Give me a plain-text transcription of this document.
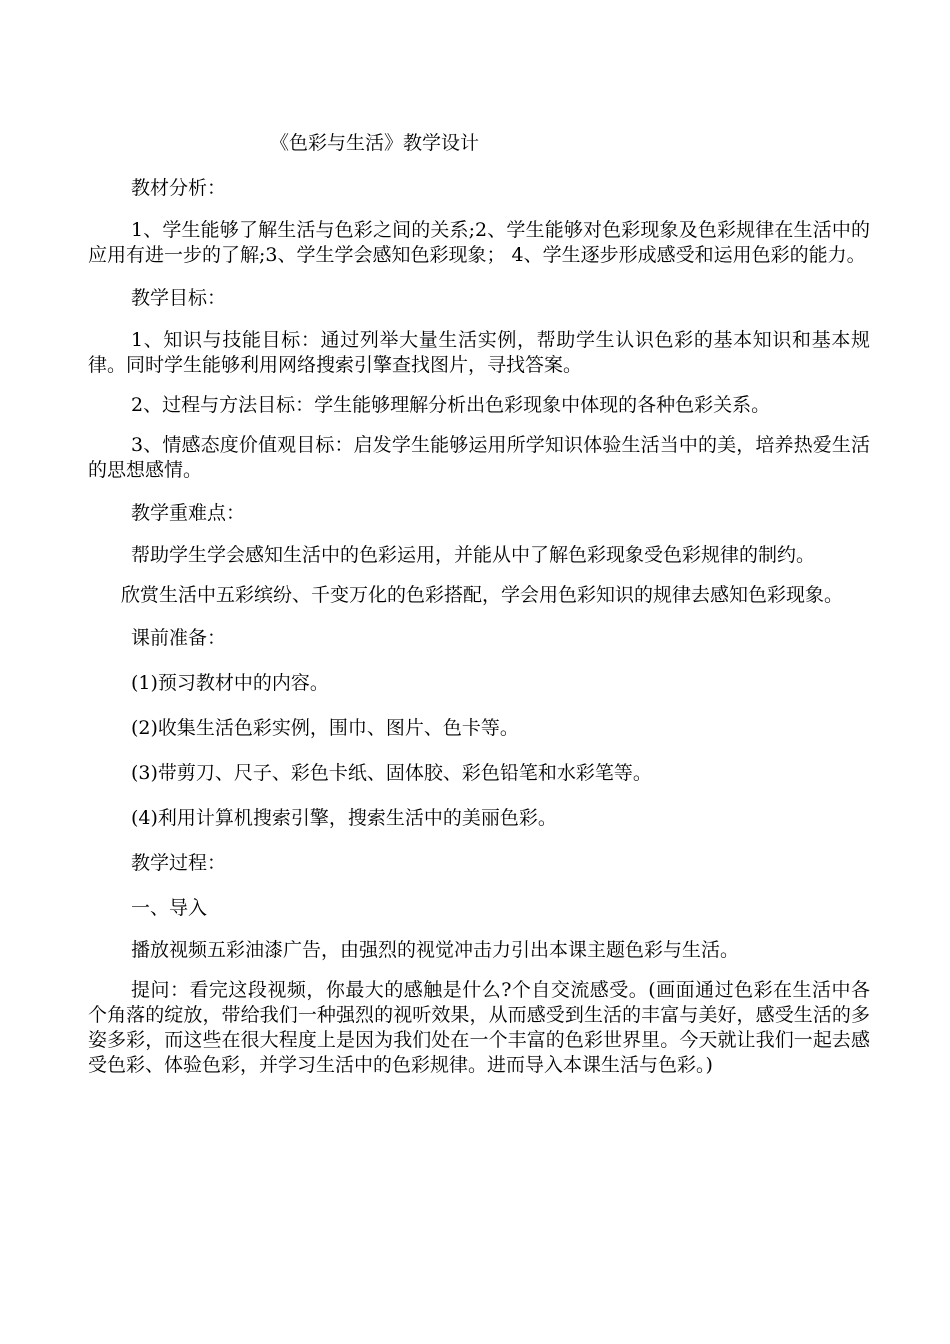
《色彩与生活》教学设计
教材分析：
1、学生能够了解生活与色彩之间的关系;2、学生能够对色彩现象及色彩规律在生活中的应用有进一步的了解;3、学生学会感知色彩现象； 4、学生逐步形成感受和运用色彩的能力。
教学目标：
1、知识与技能目标：通过列举大量生活实例，帮助学生认识色彩的基本知识和基本规律。同时学生能够利用网络搜索引擎查找图片，寻找答案。
2、过程与方法目标：学生能够理解分析出色彩现象中体现的各种色彩关系。
3、情感态度价值观目标：启发学生能够运用所学知识体验生活当中的美，培养热爱生活的思想感情。
教学重难点：
帮助学生学会感知生活中的色彩运用，并能从中了解色彩现象受色彩规律的制约。
欣赏生活中五彩缤纷、千变万化的色彩搭配，学会用色彩知识的规律去感知色彩现象。
课前准备：
(1)预习教材中的内容。
(2)收集生活色彩实例，围巾、图片、色卡等。
(3)带剪刀、尺子、彩色卡纸、固体胶、彩色铅笔和水彩笔等。
(4)利用计算机搜索引擎，搜索生活中的美丽色彩。
教学过程：
一、导入
播放视频五彩油漆广告，由强烈的视觉冲击力引出本课主题色彩与生活。
提问：看完这段视频，你最大的感触是什么?个自交流感受。(画面通过色彩在生活中各个角落的绽放，带给我们一种强烈的视听效果，从而感受到生活的丰富与美好，感受生活的多姿多彩，而这些在很大程度上是因为我们处在一个丰富的色彩世界里。今天就让我们一起去感受色彩、体验色彩，并学习生活中的色彩规律。进而导入本课生活与色彩。)
